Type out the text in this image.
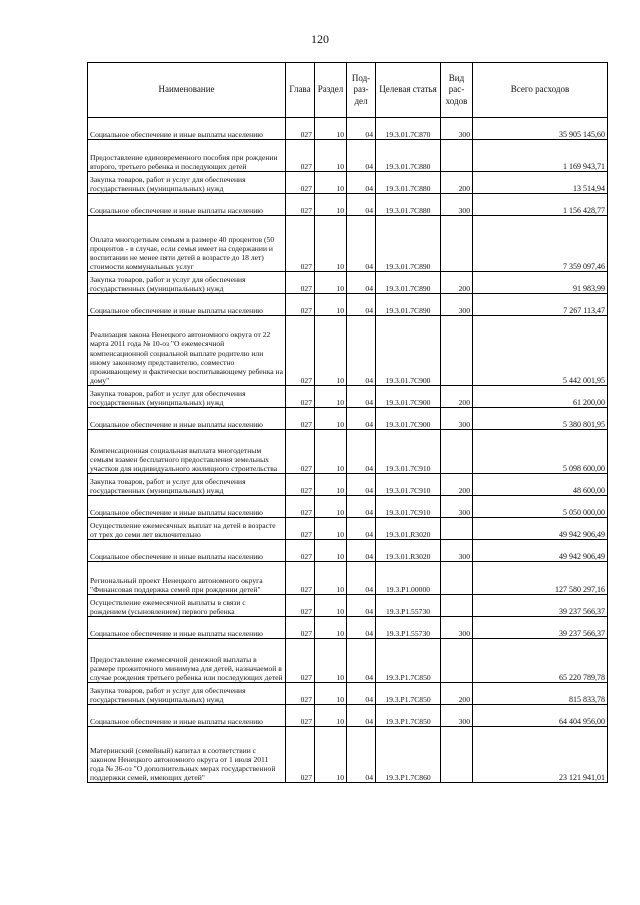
120
Наименование	Глава	Раздел	Под-раз-дел	Целевая статья	Вид рас-ходов	Всего расходов
Социальное обеспечение и иные выплаты населению	027	10	04	19.3.01.7С870	300	35 905 145,60
Предоставление единовременного пособия при рождении второго, третьего ребенка и последующих детей	027	10	04	19.3.01.7С880		1 169 943,71
Закупка товаров, работ и услуг для обеспечения государственных (муниципальных) нужд	027	10	04	19.3.01.7С880	200	13 514,94
Социальное обеспечение и иные выплаты населению	027	10	04	19.3.01.7С880	300	1 156 428,77
Оплата многодетным семьям в размере 40 процентов (50 процентов - в случае, если семья имеет на содержании и воспитании не менее пяти детей в возрасте до 18 лет) стоимости коммунальных услуг	027	10	04	19.3.01.7С890		7 359 097,46
Закупка товаров, работ и услуг для обеспечения государственных (муниципальных) нужд	027	10	04	19.3.01.7С890	200	91 983,99
Социальное обеспечение и иные выплаты населению	027	10	04	19.3.01.7С890	300	7 267 113,47
Реализация закона Ненецкого автономного округа от 22 марта 2011 года № 10-оз "О ежемесячной компенсационной социальной выплате родителю или иному законному представителю, совместно проживающему и фактически воспитывающему ребенка на дому"	027	10	04	19.3.01.7С900		5 442 001,95
Закупка товаров, работ и услуг для обеспечения государственных (муниципальных) нужд	027	10	04	19.3.01.7С900	200	61 200,00
Социальное обеспечение и иные выплаты населению	027	10	04	19.3.01.7С900	300	5 380 801,95
Компенсационная социальная выплата многодетным семьям взамен бесплатного предоставления земельных участков для индивидуального жилищного строительства	027	10	04	19.3.01.7С910		5 098 600,00
Закупка товаров, работ и услуг для обеспечения государственных (муниципальных) нужд	027	10	04	19.3.01.7С910	200	48 600,00
Социальное обеспечение и иные выплаты населению	027	10	04	19.3.01.7С910	300	5 050 000,00
Осуществление ежемесячных выплат на детей в возрасте от трех до семи лет включительно	027	10	04	19.3.01.R3020		49 942 906,49
Социальное обеспечение и иные выплаты населению	027	10	04	19.3.01.R3020	300	49 942 906,49
Региональный проект Ненецкого автономного округа "Финансовая поддержка семей при рождении детей"	027	10	04	19.3.P1.00000		127 580 297,16
Осуществление ежемесячной выплаты в связи с рождением (усыновлением) первого ребенка	027	10	04	19.3.P1.55730		39 237 566,37
Социальное обеспечение и иные выплаты населению	027	10	04	19.3.P1.55730	300	39 237 566,37
Предоставление ежемесячной денежной выплаты в размере прожиточного минимума для детей, назначаемой в случае рождения третьего ребенка или последующих детей	027	10	04	19.3.P1.7С850		65 220 789,78
Закупка товаров, работ и услуг для обеспечения государственных (муниципальных) нужд	027	10	04	19.3.P1.7С850	200	815 833,78
Социальное обеспечение и иные выплаты населению	027	10	04	19.3.P1.7С850	300	64 404 956,00
Материнский (семейный) капитал в соответствии с законом Ненецкого автономного округа от 1 июля 2011 года № 36-оз "О дополнительных мерах государственной поддержки семей, имеющих детей"	027	10	04	19.3.P1.7С860		23 121 941,01
